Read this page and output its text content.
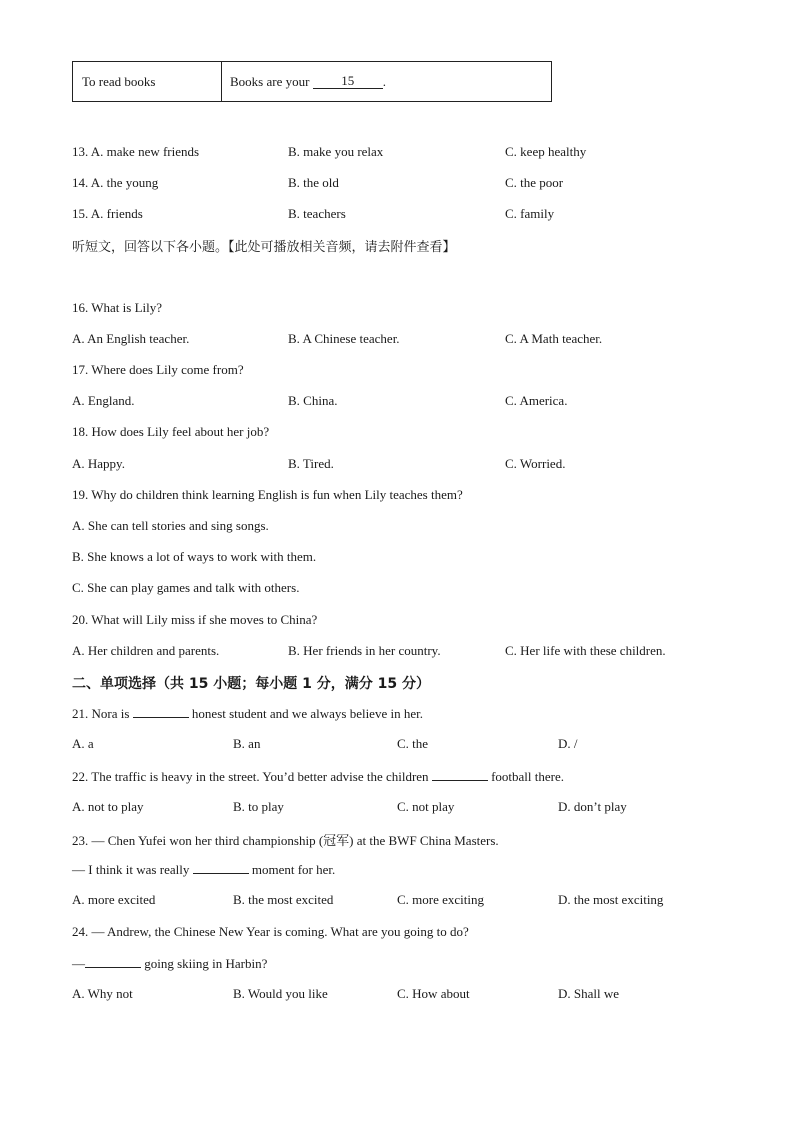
To read books	Books are your	15	.
13. A. make new friends	B. make you relax	C. keep healthy
14. A. the young	B. the old	C. the poor
15. A. friends	B. teachers	C. family
听短文，回答以下各小题。【此处可播放相关音频，请去附件查看】
16. What is Lily?
A. An English teacher.	B. A Chinese teacher.	C. A Math teacher.
17. Where does Lily come from?
A. England.	B. China.	C. America.
18. How does Lily feel about her job?
A. Happy.	B. Tired.	C. Worried.
19. Why do children think learning English is fun when Lily teaches them?
A. She can tell stories and sing songs.
B. She knows a lot of ways to work with them.
C. She can play games and talk with others.
20. What will Lily miss if she moves to China?
A. Her children and parents.	B. Her friends in her country.	C. Her life with these children.
二、单项选择（共 15 小题；每小题 1 分，满分 15 分）
21. Nora is	honest student and we always believe in her.
A. a	B. an	C. the	D. /
22. The traffic is heavy in the street. You’d better advise the children	football there.
A. not to play	B. to play	C. not play	D. don’t play
23. — Chen Yufei won her third championship (冠军) at the BWF China Masters.
— I think it was really	moment for her.
A. more excited	B. the most excited	C. more exciting	D. the most exciting
24. — Andrew, the Chinese New Year is coming. What are you going to do?
—	going skiing in Harbin?
A. Why not	B. Would you like	C. How about	D. Shall we
